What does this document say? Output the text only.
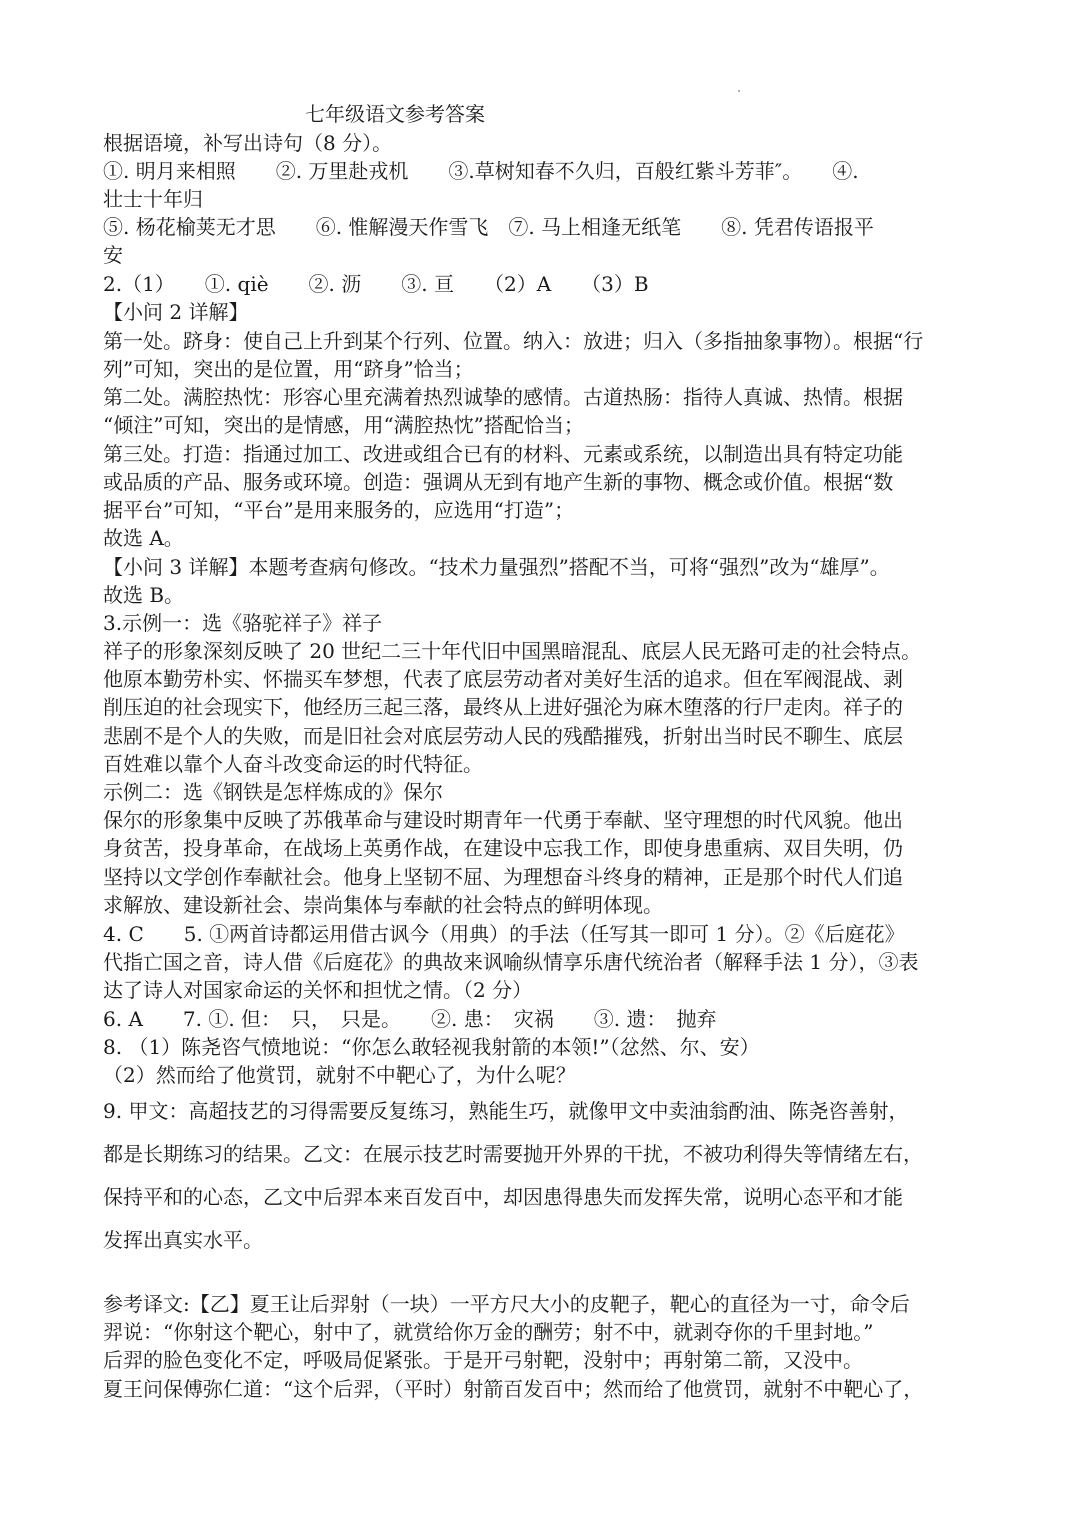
七年级语文参考答案
根据语境，补写出诗句（8 分）。
①. 明月来相照　　②. 万里赴戎机　　③.草树知春不久归，百般红紫斗芳菲″。　　④.
壮士十年归
⑤. 杨花榆荚无才思　　⑥. 惟解漫天作雪飞　⑦. 马上相逢无纸笔　　⑧. 凭君传语报平
安
2.（1）　　①. qiè　　②. 沥　　③. 亘　　（2）A　　（3）B
【小问 2 详解】
第一处。跻身：使自己上升到某个行列、位置。纳入：放进；归入（多指抽象事物）。根据“行
列”可知，突出的是位置，用“跻身”恰当；
第二处。满腔热忱：形容心里充满着热烈诚挚的感情。古道热肠：指待人真诚、热情。根据
“倾注”可知，突出的是情感，用“满腔热忱”搭配恰当；
第三处。打造：指通过加工、改进或组合已有的材料、元素或系统，以制造出具有特定功能
或品质的产品、服务或环境。创造：强调从无到有地产生新的事物、概念或价值。根据“数
据平台”可知，“平台”是用来服务的，应选用“打造”；
故选 A。
【小问 3 详解】本题考查病句修改。“技术力量强烈”搭配不当，可将“强烈”改为“雄厚”。
故选 B。
3.示例一：选《骆驼祥子》祥子
祥子的形象深刻反映了 20 世纪二三十年代旧中国黑暗混乱、底层人民无路可走的社会特点。
他原本勤劳朴实、怀揣买车梦想，代表了底层劳动者对美好生活的追求。但在军阀混战、剥
削压迫的社会现实下，他经历三起三落，最终从上进好强沦为麻木堕落的行尸走肉。祥子的
悲剧不是个人的失败，而是旧社会对底层劳动人民的残酷摧残，折射出当时民不聊生、底层
百姓难以靠个人奋斗改变命运的时代特征。
示例二：选《钢铁是怎样炼成的》保尔
保尔的形象集中反映了苏俄革命与建设时期青年一代勇于奉献、坚守理想的时代风貌。他出
身贫苦，投身革命，在战场上英勇作战，在建设中忘我工作，即使身患重病、双目失明，仍
坚持以文学创作奉献社会。他身上坚韧不屈、为理想奋斗终身的精神，正是那个时代人们追
求解放、建设新社会、崇尚集体与奉献的社会特点的鲜明体现。
4. C　　5. ①两首诗都运用借古讽今（用典）的手法（任写其一即可 1 分）。②《后庭花》
代指亡国之音，诗人借《后庭花》的典故来讽喻纵情享乐唐代统治者（解释手法 1 分），③表
达了诗人对国家命运的关怀和担忧之情。（2 分）
6. A　　7. ①. 但：　只，　只是。　　②. 患：　灾祸　　③. 遗：　抛弃
8. （1）陈尧咨气愤地说：“你怎么敢轻视我射箭的本领!”（忿然、尔、安）
（2）然而给了他赏罚，就射不中靶心了，为什么呢？
9. 甲文：高超技艺的习得需要反复练习，熟能生巧，就像甲文中卖油翁酌油、陈尧咨善射，
都是长期练习的结果。乙文：在展示技艺时需要抛开外界的干扰，不被功利得失等情绪左右，
保持平和的心态，乙文中后羿本来百发百中，却因患得患失而发挥失常，说明心态平和才能
发挥出真实水平。
参考译文:【乙】夏王让后羿射（一块）一平方尺大小的皮靶子，靶心的直径为一寸，命令后
羿说：“你射这个靶心，射中了，就赏给你万金的酬劳；射不中，就剥夺你的千里封地。”
后羿的脸色变化不定，呼吸局促紧张。于是开弓射靶，没射中；再射第二箭，又没中。
夏王问保傅弥仁道：“这个后羿，（平时）射箭百发百中；然而给了他赏罚，就射不中靶心了，
